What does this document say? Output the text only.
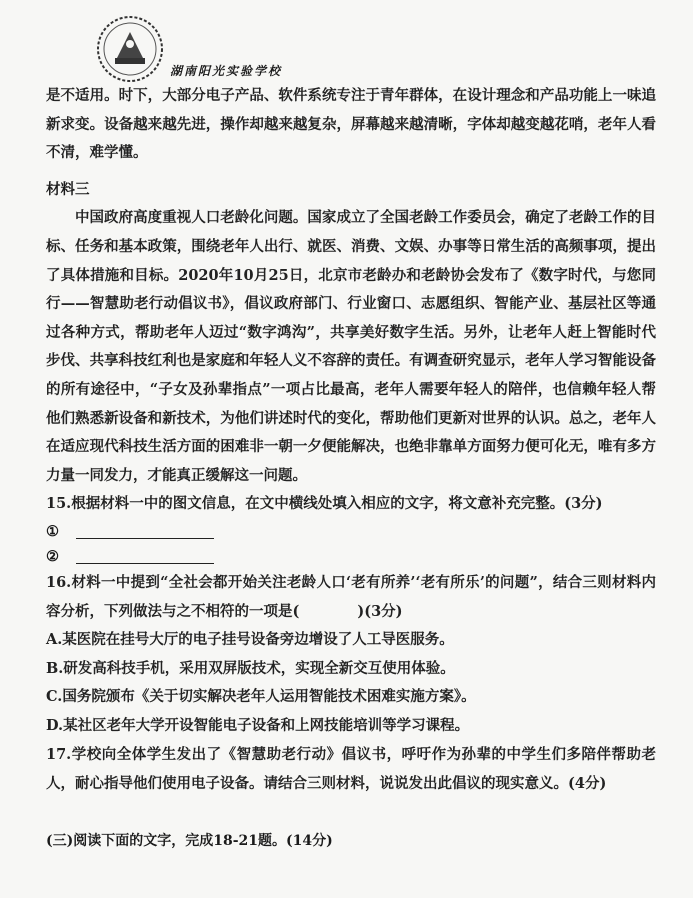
湖南阳光实验学校

是不适用。时下，大部分电子产品、软件系统专注于青年群体，在设计理念和产品功能上一味追新求变。设备越来越先进，操作却越来越复杂，屏幕越来越清晰，字体却越变越花哨，老年人看不清，难学懂。

材料三

中国政府高度重视人口老龄化问题。国家成立了全国老龄工作委员会，确定了老龄工作的目标、任务和基本政策，围绕老年人出行、就医、消费、文娱、办事等日常生活的高频事项，提出了具体措施和目标。2020年10月25日，北京市老龄办和老龄协会发布了《数字时代，与您同行——智慧助老行动倡议书》，倡议政府部门、行业窗口、志愿组织、智能产业、基层社区等通过各种方式，帮助老年人迈过“数字鸿沟”，共享美好数字生活。另外，让老年人赶上智能时代步伐、共享科技红利也是家庭和年轻人义不容辞的责任。有调查研究显示，老年人学习智能设备的所有途径中，“子女及孙辈指点”一项占比最高，老年人需要年轻人的陪伴，也信赖年轻人帮他们熟悉新设备和新技术，为他们讲述时代的变化，帮助他们更新对世界的认识。总之，老年人在适应现代科技生活方面的困难非一朝一夕便能解决，也绝非靠单方面努力便可化无，唯有多方力量一同发力，才能真正缓解这一问题。

15.根据材料一中的图文信息，在文中横线处填入相应的文字，将文意补充完整。(3分)

①
②

16.材料一中提到“全社会都开始关注老龄人口‘老有所养’‘老有所乐’的问题”，结合三则材料内容分析，下列做法与之不相符的一项是(　　　　)(3分)

A.某医院在挂号大厅的电子挂号设备旁边增设了人工导医服务。

B.研发高科技手机，采用双屏版技术，实现全新交互使用体验。

C.国务院颁布《关于切实解决老年人运用智能技术困难实施方案》。

D.某社区老年大学开设智能电子设备和上网技能培训等学习课程。

17.学校向全体学生发出了《智慧助老行动》倡议书，呼吁作为孙辈的中学生们多陪伴帮助老人，耐心指导他们使用电子设备。请结合三则材料，说说发出此倡议的现实意义。(4分)

(三)阅读下面的文字，完成18-21题。(14分)
